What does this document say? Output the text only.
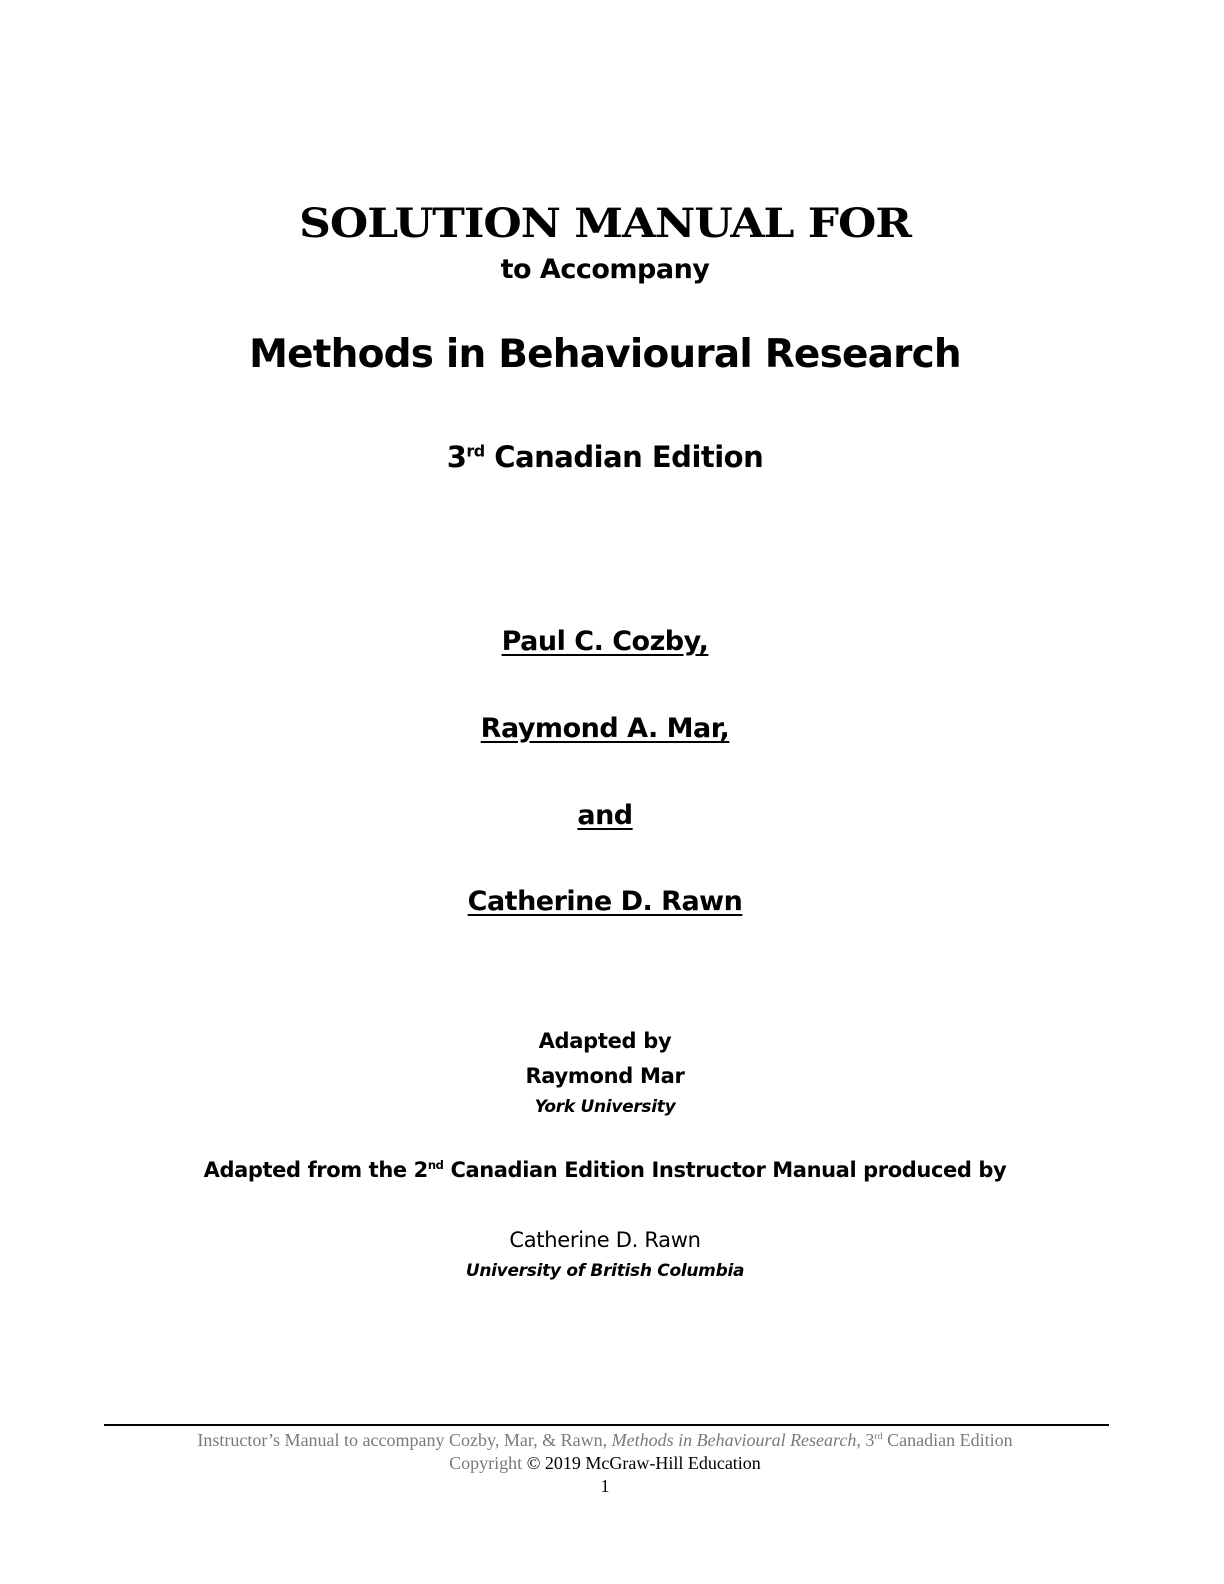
SOLUTION MANUAL FOR
to Accompany
Methods in Behavioural Research
3rd Canadian Edition
Paul C. Cozby,
Raymond A. Mar,
and
Catherine D. Rawn
Adapted by
Raymond Mar
York University
Adapted from the 2nd Canadian Edition Instructor Manual produced by
Catherine D. Rawn
University of British Columbia
Instructor’s Manual to accompany Cozby, Mar, & Rawn, Methods in Behavioural Research, 3rd Canadian Edition
Copyright © 2019 McGraw-Hill Education
1
